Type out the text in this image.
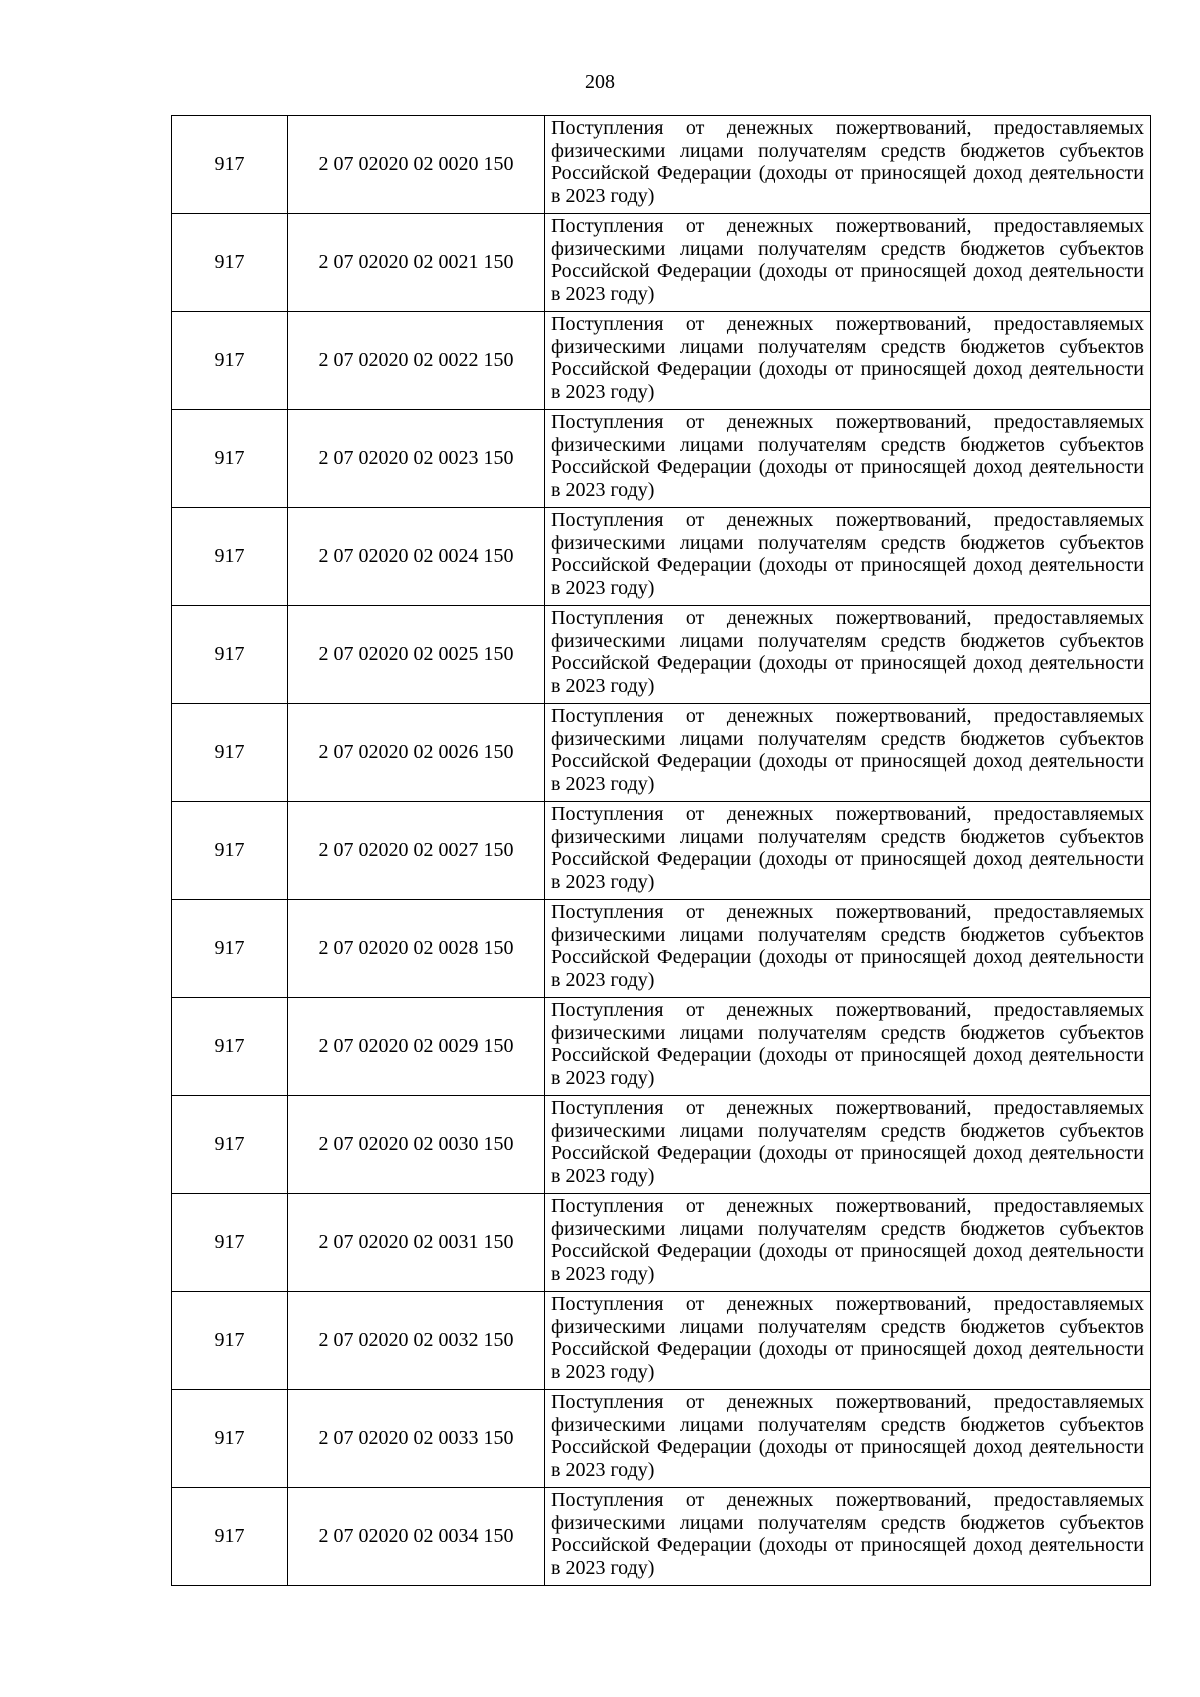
208
917	2 07 02020 02 0020 150	Поступления от денежных пожертвований, предоставляемых физическими лицами получателям средств бюджетов субъектов Российской Федерации (доходы от приносящей доход деятельности в 2023 году)
917	2 07 02020 02 0021 150	Поступления от денежных пожертвований, предоставляемых физическими лицами получателям средств бюджетов субъектов Российской Федерации (доходы от приносящей доход деятельности в 2023 году)
917	2 07 02020 02 0022 150	Поступления от денежных пожертвований, предоставляемых физическими лицами получателям средств бюджетов субъектов Российской Федерации (доходы от приносящей доход деятельности в 2023 году)
917	2 07 02020 02 0023 150	Поступления от денежных пожертвований, предоставляемых физическими лицами получателям средств бюджетов субъектов Российской Федерации (доходы от приносящей доход деятельности в 2023 году)
917	2 07 02020 02 0024 150	Поступления от денежных пожертвований, предоставляемых физическими лицами получателям средств бюджетов субъектов Российской Федерации (доходы от приносящей доход деятельности в 2023 году)
917	2 07 02020 02 0025 150	Поступления от денежных пожертвований, предоставляемых физическими лицами получателям средств бюджетов субъектов Российской Федерации (доходы от приносящей доход деятельности в 2023 году)
917	2 07 02020 02 0026 150	Поступления от денежных пожертвований, предоставляемых физическими лицами получателям средств бюджетов субъектов Российской Федерации (доходы от приносящей доход деятельности в 2023 году)
917	2 07 02020 02 0027 150	Поступления от денежных пожертвований, предоставляемых физическими лицами получателям средств бюджетов субъектов Российской Федерации (доходы от приносящей доход деятельности в 2023 году)
917	2 07 02020 02 0028 150	Поступления от денежных пожертвований, предоставляемых физическими лицами получателям средств бюджетов субъектов Российской Федерации (доходы от приносящей доход деятельности в 2023 году)
917	2 07 02020 02 0029 150	Поступления от денежных пожертвований, предоставляемых физическими лицами получателям средств бюджетов субъектов Российской Федерации (доходы от приносящей доход деятельности в 2023 году)
917	2 07 02020 02 0030 150	Поступления от денежных пожертвований, предоставляемых физическими лицами получателям средств бюджетов субъектов Российской Федерации (доходы от приносящей доход деятельности в 2023 году)
917	2 07 02020 02 0031 150	Поступления от денежных пожертвований, предоставляемых физическими лицами получателям средств бюджетов субъектов Российской Федерации (доходы от приносящей доход деятельности в 2023 году)
917	2 07 02020 02 0032 150	Поступления от денежных пожертвований, предоставляемых физическими лицами получателям средств бюджетов субъектов Российской Федерации (доходы от приносящей доход деятельности в 2023 году)
917	2 07 02020 02 0033 150	Поступления от денежных пожертвований, предоставляемых физическими лицами получателям средств бюджетов субъектов Российской Федерации (доходы от приносящей доход деятельности в 2023 году)
917	2 07 02020 02 0034 150	Поступления от денежных пожертвований, предоставляемых физическими лицами получателям средств бюджетов субъектов Российской Федерации (доходы от приносящей доход деятельности в 2023 году)
